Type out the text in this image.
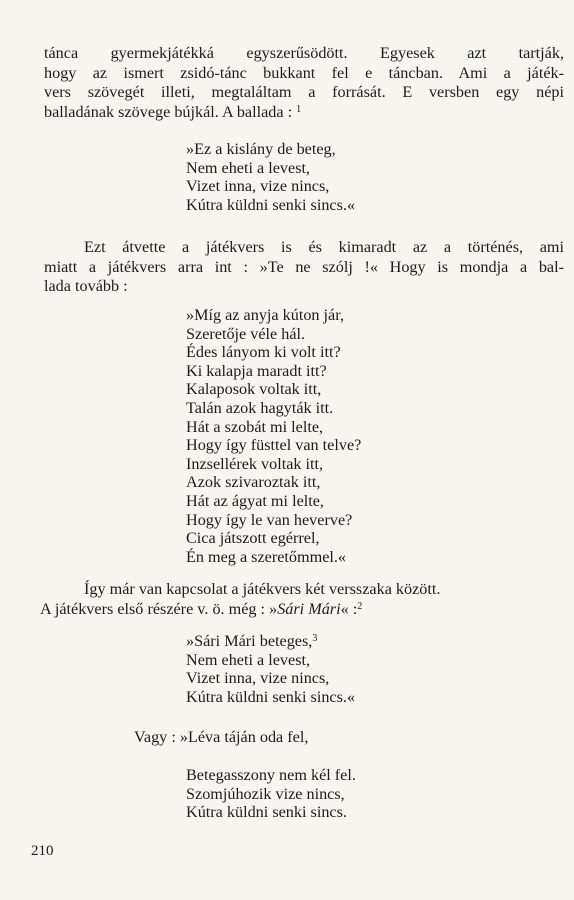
tánca gyermekjátékká egyszerűsödött. Egyesek azt tartják,
hogy az ismert zsidó-tánc bukkant fel e táncban. Ami a játék-
vers szövegét illeti, megtaláltam a forrását. E versben egy népi
balladának szövege bújkál. A ballada : $^1$
»Ez a kislány de beteg,
Nem eheti a levest,
Vizet inna, vize nincs,
Kútra küldni senki sincs.«
Ezt átvette a játékvers is és kimaradt az a történés, ami
miatt a játékvers arra int : »Te ne szólj !« Hogy is mondja a bal-
lada tovább :
»Míg az anyja kúton jár,
Szeretője véle hál.
Édes lányom ki volt itt?
Ki kalapja maradt itt?
Kalaposok voltak itt,
Talán azok hagyták itt.
Hát a szobát mi lelte,
Hogy így füsttel van telve?
Inzsellérek voltak itt,
Azok szivaroztak itt,
Hát az ágyat mi lelte,
Hogy így le van heverve?
Cica játszott egérrel,
Én meg a szeretőmmel.«
Így már van kapcsolat a játékvers két versszaka között.
A játékvers első részére v. ö. még : »Sári Mári« :$^2$
»Sári Mári beteges,$^3$
Nem eheti a levest,
Vizet inna, vize nincs,
Kútra küldni senki sincs.«
Vagy : »Léva táján oda fel,
Betegasszony nem kél fel.
Szomjúhozik vize nincs,
Kútra küldni senki sincs.
210
